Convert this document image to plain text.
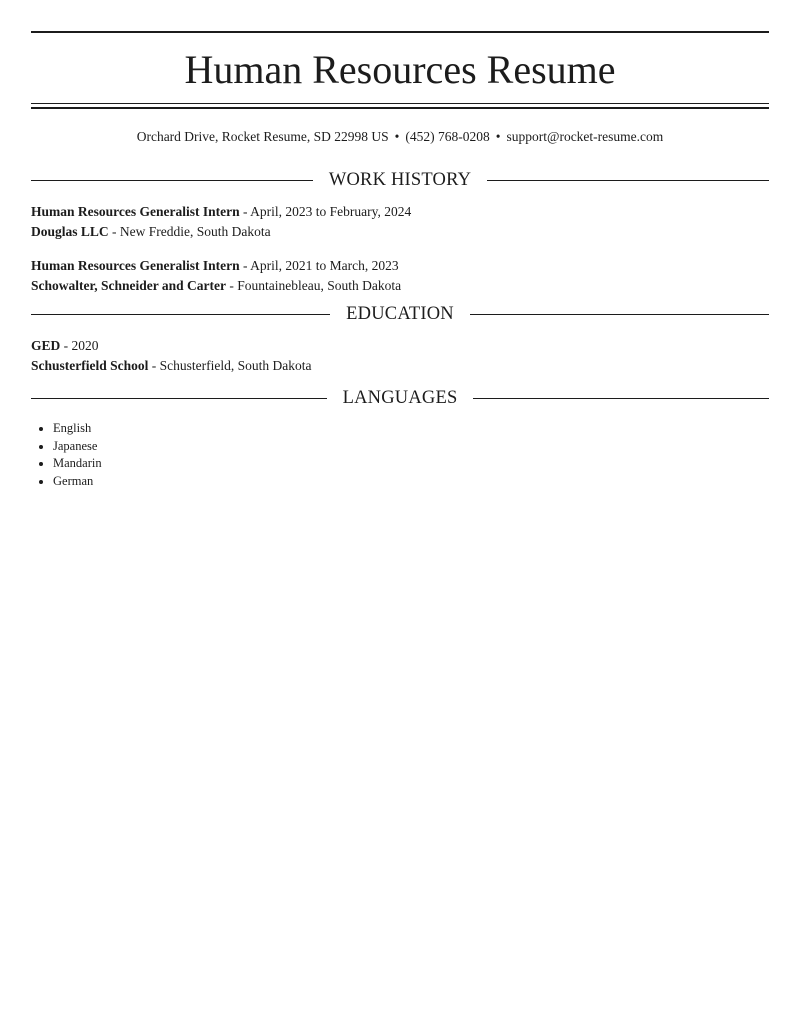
Human Resources Resume
Orchard Drive, Rocket Resume, SD 22998 US • (452) 768-0208 • support@rocket-resume.com
WORK HISTORY
Human Resources Generalist Intern - April, 2023 to February, 2024
Douglas LLC - New Freddie, South Dakota
Human Resources Generalist Intern - April, 2021 to March, 2023
Schowalter, Schneider and Carter - Fountainebleau, South Dakota
EDUCATION
GED - 2020
Schusterfield School - Schusterfield, South Dakota
LANGUAGES
• English
• Japanese
• Mandarin
• German
